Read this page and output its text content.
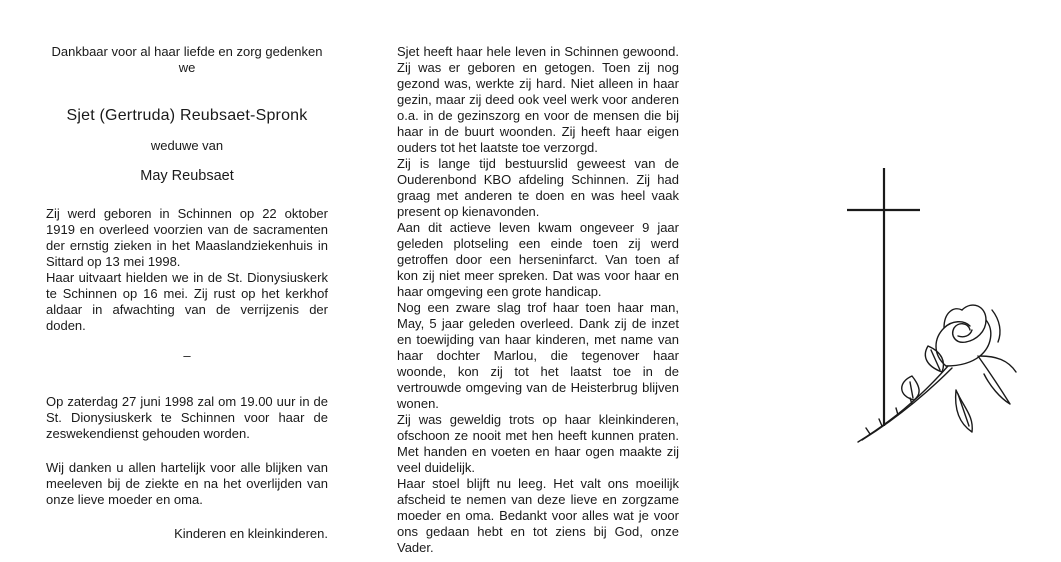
Dankbaar voor al haar liefde en zorg gedenken we

Sjet (Gertruda) Reubsaet-Spronk
weduwe van
May Reubsaet

Zij werd geboren in Schinnen op 22 oktober 1919 en overleed voorzien van de sacramenten der ernstig zieken in het Maaslandziekenhuis in Sittard op 13 mei 1998.

Haar uitvaart hielden we in de St. Dionysiuskerk te Schinnen op 16 mei. Zij rust op het kerkhof aldaar in afwachting van de verrijzenis der doden.

–

Op zaterdag 27 juni 1998 zal om 19.00 uur in de St. Dionysiuskerk te Schinnen voor haar de zeswekendienst gehouden worden.

Wij danken u allen hartelijk voor alle blijken van meeleven bij de ziekte en na het overlijden van onze lieve moeder en oma.

Kinderen en kleinkinderen.

Sjet heeft haar hele leven in Schinnen gewoond. Zij was er geboren en getogen. Toen zij nog gezond was, werkte zij hard. Niet alleen in haar gezin, maar zij deed ook veel werk voor anderen o.a. in de gezinszorg en voor de mensen die bij haar in de buurt woonden. Zij heeft haar eigen ouders tot het laatste toe verzorgd.

Zij is lange tijd bestuurslid geweest van de Ouderenbond KBO afdeling Schinnen. Zij had graag met anderen te doen en was heel vaak present op kienavonden.

Aan dit actieve leven kwam ongeveer 9 jaar geleden plotseling een einde toen zij werd getroffen door een herseninfarct. Van toen af kon zij niet meer spreken. Dat was voor haar en haar omgeving een grote handicap.

Nog een zware slag trof haar toen haar man, May, 5 jaar geleden overleed. Dank zij de inzet en toewijding van haar kinderen, met name van haar dochter Marlou, die tegenover haar woonde, kon zij tot het laatst toe in de vertrouwde omgeving van de Heisterbrug blijven wonen.

Zij was geweldig trots op haar kleinkinderen, ofschoon ze nooit met hen heeft kunnen praten. Met handen en voeten en haar ogen maakte zij veel duidelijk.

Haar stoel blijft nu leeg. Het valt ons moeilijk afscheid te nemen van deze lieve en zorgzame moeder en oma. Bedankt voor alles wat je voor ons gedaan hebt en tot ziens bij God, onze Vader.
